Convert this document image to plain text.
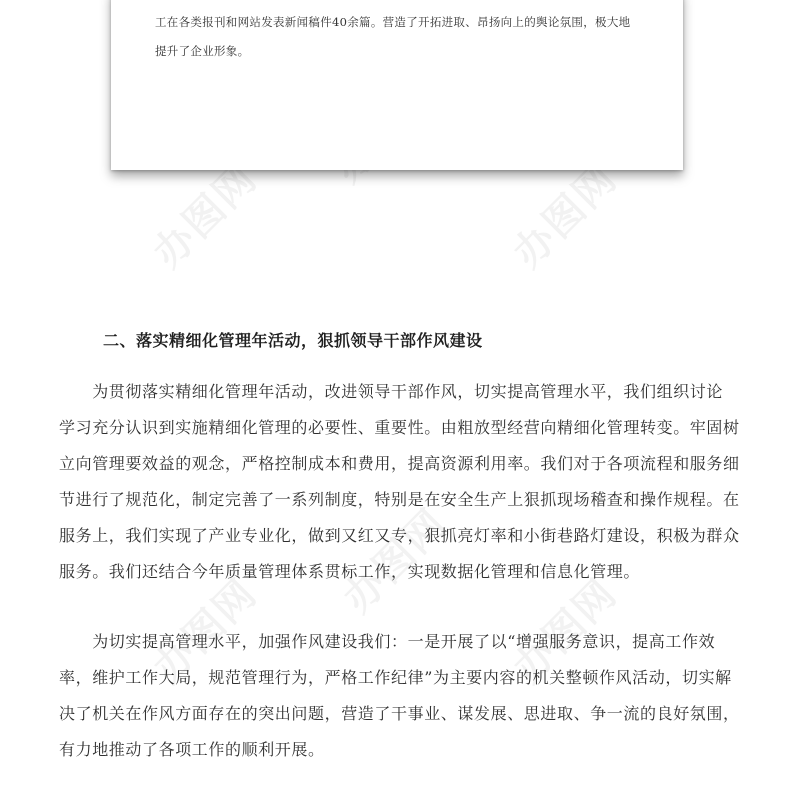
办图网	办图网
办图网
办图网
办图网

工在各类报刊和网站发表新闻稿件40余篇。营造了开拓进取、昂扬向上的舆论氛围，极大地

提升了企业形象。

二、落实精细化管理年活动，狠抓领导干部作风建设

　　为贯彻落实精细化管理年活动，改进领导干部作风，切实提高管理水平，我们组织讨论

学习充分认识到实施精细化管理的必要性、重要性。由粗放型经营向精细化管理转变。牢固树

立向管理要效益的观念，严格控制成本和费用，提高资源利用率。我们对于各项流程和服务细

节进行了规范化，制定完善了一系列制度，特别是在安全生产上狠抓现场稽查和操作规程。在

服务上，我们实现了产业专业化，做到又红又专，狠抓亮灯率和小街巷路灯建设，积极为群众

服务。我们还结合今年质量管理体系贯标工作，实现数据化管理和信息化管理。

　　为切实提高管理水平，加强作风建设我们：一是开展了以“增强服务意识，提高工作效

率，维护工作大局，规范管理行为，严格工作纪律”为主要内容的机关整顿作风活动，切实解

决了机关在作风方面存在的突出问题，营造了干事业、谋发展、思进取、争一流的良好氛围，

有力地推动了各项工作的顺利开展。
